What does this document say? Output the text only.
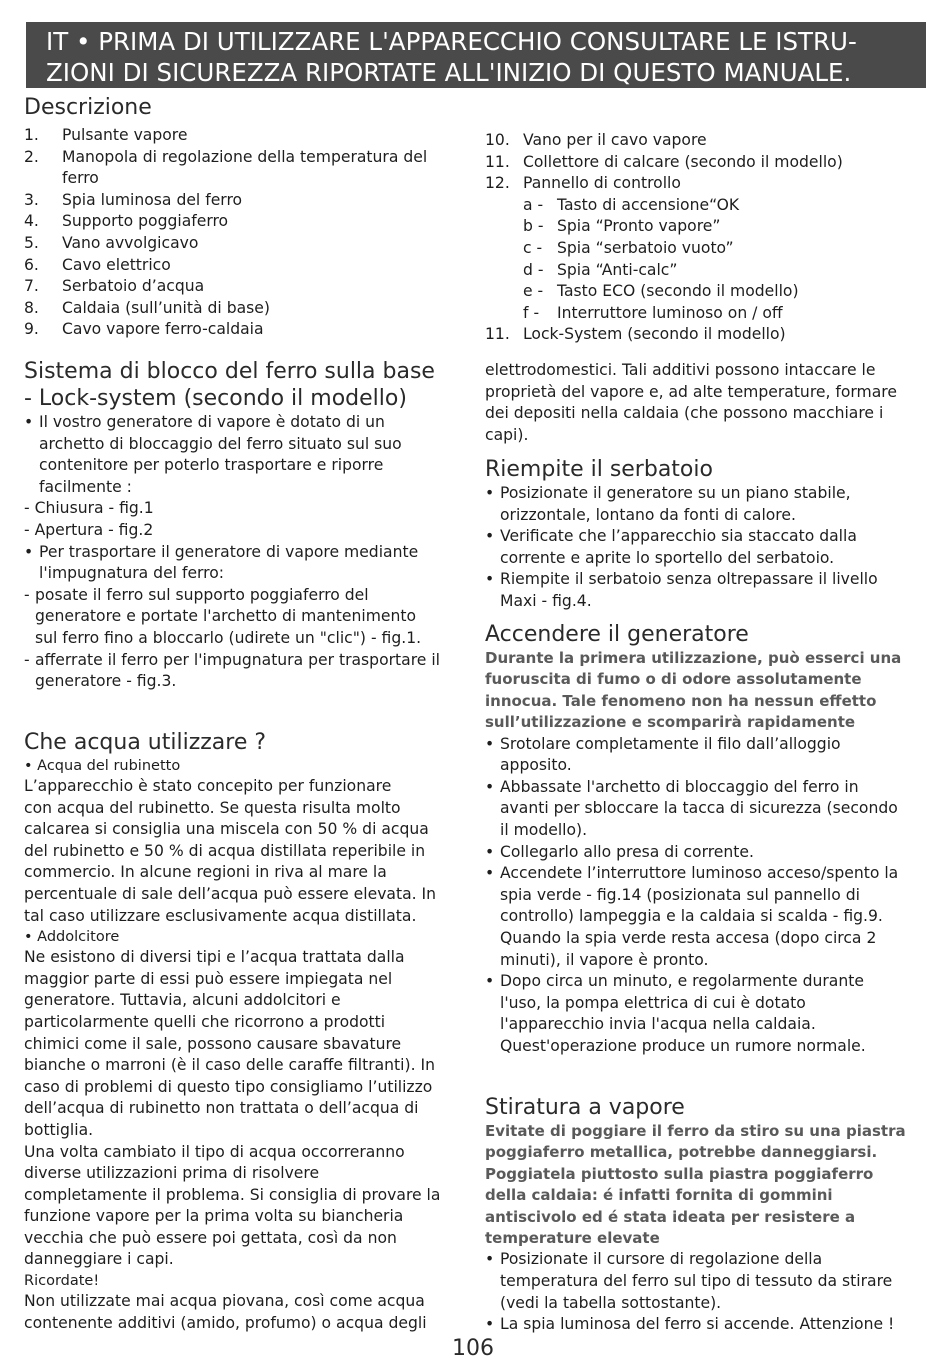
IT • PRIMA DI UTILIZZARE L'APPARECCHIO CONSULTARE LE ISTRU-
ZIONI DI SICUREZZA RIPORTATE ALL'INIZIO DI QUESTO MANUALE.
Descrizione
1.	Pulsante vapore
2.	Manopola di regolazione della temperatura del
ferro
3.	Spia luminosa del ferro
4.	Supporto poggiaferro
5.	Vano avvolgicavo
6.	Cavo elettrico
7.	Serbatoio d’acqua
8.	Caldaia (sull’unità di base)
9.	Cavo vapore ferro-caldaia
Sistema di blocco del ferro sulla base
- Lock-system (secondo il modello)
• Il vostro generatore di vapore è dotato di un
archetto di bloccaggio del ferro situato sul suo
contenitore per poterlo trasportare e riporre
facilmente :
- Chiusura - fig.1
- Apertura - fig.2
• Per trasportare il generatore di vapore mediante
l'impugnatura del ferro:
- posate il ferro sul supporto poggiaferro del
generatore e portate l'archetto di mantenimento
sul ferro fino a bloccarlo (udirete un "clic") - fig.1.
- afferrate il ferro per l'impugnatura per trasportare il
generatore - fig.3.
Che acqua utilizzare ?
• Acqua del rubinetto
L’apparecchio è stato concepito per funzionare
con acqua del rubinetto. Se questa risulta molto
calcarea si consiglia una miscela con 50 % di acqua
del rubinetto e 50 % di acqua distillata reperibile in
commercio. In alcune regioni in riva al mare la
percentuale di sale dell’acqua può essere elevata. In
tal caso utilizzare esclusivamente acqua distillata.
• Addolcitore
Ne esistono di diversi tipi e l’acqua trattata dalla
maggior parte di essi può essere impiegata nel
generatore. Tuttavia, alcuni addolcitori e
particolarmente quelli che ricorrono a prodotti
chimici come il sale, possono causare sbavature
bianche o marroni (è il caso delle caraffe filtranti). In
caso di problemi di questo tipo consigliamo l’utilizzo
dell’acqua di rubinetto non trattata o dell’acqua di
bottiglia.
Una volta cambiato il tipo di acqua occorreranno
diverse utilizzazioni prima di risolvere
completamente il problema. Si consiglia di provare la
funzione vapore per la prima volta su biancheria
vecchia che può essere poi gettata, così da non
danneggiare i capi.
Ricordate!
Non utilizzate mai acqua piovana, così come acqua
contenente additivi (amido, profumo) o acqua degli
10. Vano per il cavo vapore
11. Collettore di calcare (secondo il modello)
12. Pannello di controllo
a - Tasto di accensione“OK
b - Spia “Pronto vapore”
c - Spia “serbatoio vuoto”
d - Spia “Anti-calc”
e - Tasto ECO (secondo il modello)
f -	Interruttore luminoso on / off
11. Lock-System (secondo il modello)
elettrodomestici. Tali additivi possono intaccare le
proprietà del vapore e, ad alte temperature, formare
dei depositi nella caldaia (che possono macchiare i
capi).
Riempite il serbatoio
• Posizionate il generatore su un piano stabile,
orizzontale, lontano da fonti di calore.
• Verificate che l’apparecchio sia staccato dalla
corrente e aprite lo sportello del serbatoio.
• Riempite il serbatoio senza oltrepassare il livello
Maxi - fig.4.
Accendere il generatore
Durante la primera utilizzazione, può esserci una
fuoruscita di fumo o di odore assolutamente
innocua. Tale fenomeno non ha nessun effetto
sull’utilizzazione e scomparirà rapidamente
• Srotolare completamente il filo dall’alloggio
apposito.
• Abbassate l'archetto di bloccaggio del ferro in
avanti per sbloccare la tacca di sicurezza (secondo
il modello).
• Collegarlo allo presa di corrente.
• Accendete l’interruttore luminoso acceso/spento la
spia verde - fig.14 (posizionata sul pannello di
controllo) lampeggia e la caldaia si scalda - fig.9.
Quando la spia verde resta accesa (dopo circa 2
minuti), il vapore è pronto.
• Dopo circa un minuto, e regolarmente durante
l'uso, la pompa elettrica di cui è dotato
l'apparecchio invia l'acqua nella caldaia.
Quest'operazione produce un rumore normale.
Stiratura a vapore
Evitate di poggiare il ferro da stiro su una piastra
poggiaferro metallica, potrebbe danneggiarsi.
Poggiatela piuttosto sulla piastra poggiaferro
della caldaia: é infatti fornita di gommini
antiscivolo ed é stata ideata per resistere a
temperature elevate
• Posizionate il cursore di regolazione della
temperatura del ferro sul tipo di tessuto da stirare
(vedi la tabella sottostante).
• La spia luminosa del ferro si accende. Attenzione !
106
